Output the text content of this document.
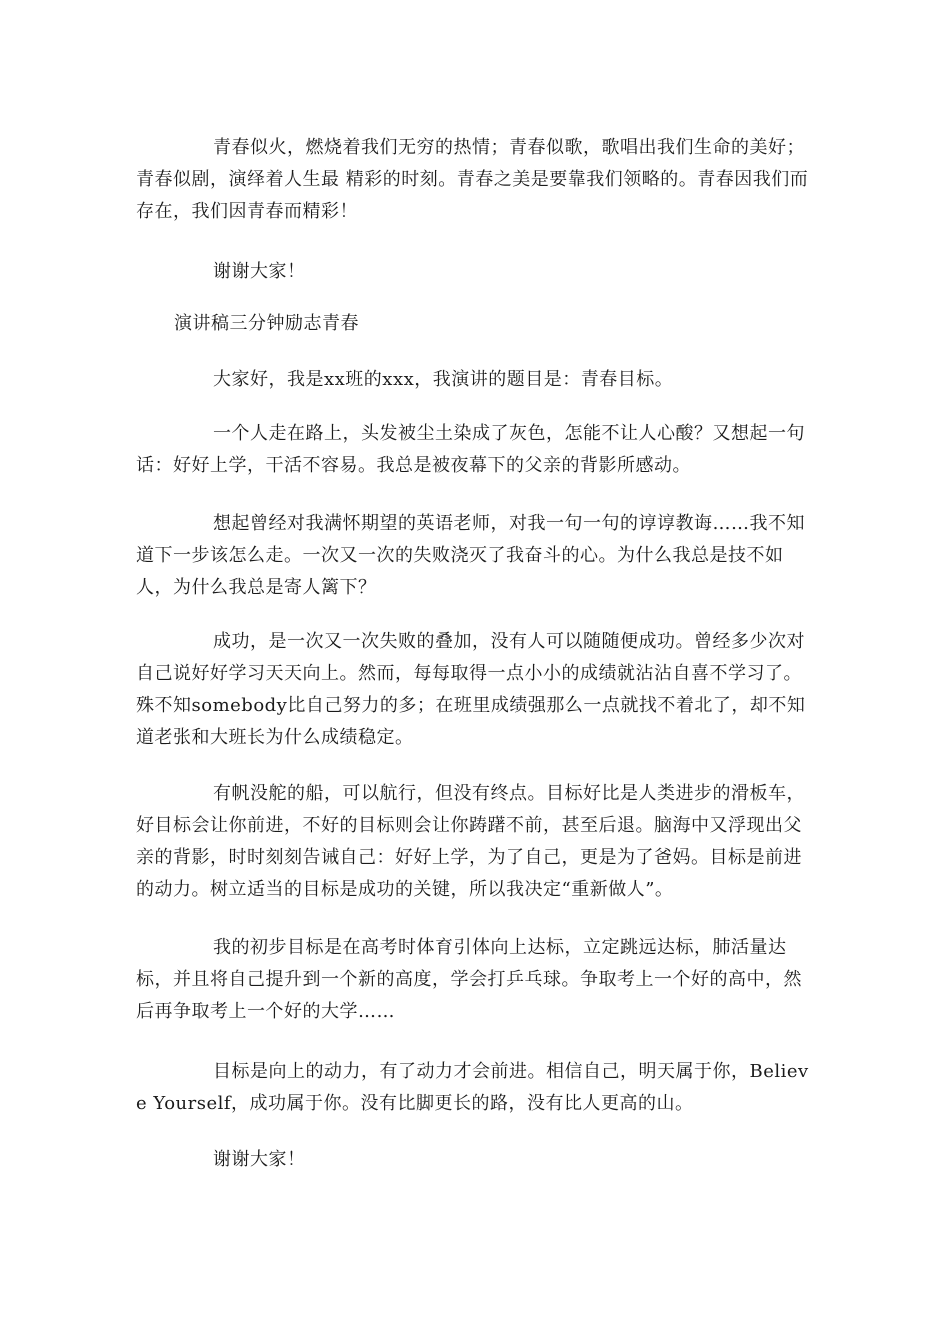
青春似火，燃烧着我们无穷的热情；青春似歌，歌唱出我们生命的美好；青春似剧，演绎着人生最 精彩的时刻。青春之美是要靠我们领略的。青春因我们而存在，我们因青春而精彩！

谢谢大家！

演讲稿三分钟励志青春

大家好，我是xx班的xxx，我演讲的题目是：青春目标。

一个人走在路上，头发被尘土染成了灰色，怎能不让人心酸？又想起一句话：好好上学，干活不容易。我总是被夜幕下的父亲的背影所感动。

想起曾经对我满怀期望的英语老师，对我一句一句的谆谆教诲……我不知道下一步该怎么走。一次又一次的失败浇灭了我奋斗的心。为什么我总是技不如人，为什么我总是寄人篱下？

成功，是一次又一次失败的叠加，没有人可以随随便成功。曾经多少次对自己说好好学习天天向上。然而，每每取得一点小小的成绩就沾沾自喜不学习了。殊不知somebody比自己努力的多；在班里成绩强那么一点就找不着北了，却不知道老张和大班长为什么成绩稳定。

有帆没舵的船，可以航行，但没有终点。目标好比是人类进步的滑板车，好目标会让你前进，不好的目标则会让你踌躇不前，甚至后退。脑海中又浮现出父亲的背影，时时刻刻告诫自己：好好上学，为了自己，更是为了爸妈。目标是前进的动力。树立适当的目标是成功的关键，所以我决定“重新做人”。

我的初步目标是在高考时体育引体向上达标，立定跳远达标，肺活量达标，并且将自己提升到一个新的高度，学会打乒乓球。争取考上一个好的高中，然后再争取考上一个好的大学……

目标是向上的动力，有了动力才会前进。相信自己，明天属于你，Believe Yourself，成功属于你。没有比脚更长的路，没有比人更高的山。

谢谢大家！
